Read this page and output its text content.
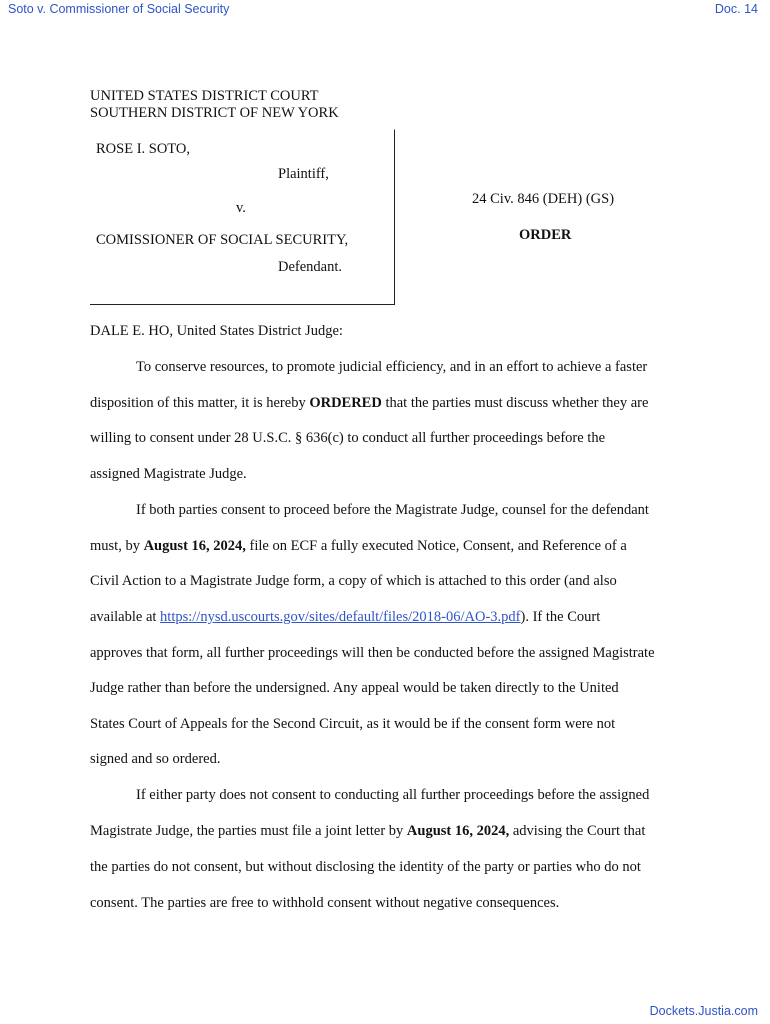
Soto v. Commissioner of Social Security	Doc. 14
UNITED STATES DISTRICT COURT
SOUTHERN DISTRICT OF NEW YORK
ROSE I. SOTO,
Plaintiff,
v.
COMISSIONER OF SOCIAL SECURITY,
Defendant.
24 Civ. 846 (DEH) (GS)
ORDER
DALE E. HO, United States District Judge:
To conserve resources, to promote judicial efficiency, and in an effort to achieve a faster
disposition of this matter, it is hereby ORDERED that the parties must discuss whether they are
willing to consent under 28 U.S.C. § 636(c) to conduct all further proceedings before the
assigned Magistrate Judge.
If both parties consent to proceed before the Magistrate Judge, counsel for the defendant
must, by August 16, 2024, file on ECF a fully executed Notice, Consent, and Reference of a
Civil Action to a Magistrate Judge form, a copy of which is attached to this order (and also
available at https://nysd.uscourts.gov/sites/default/files/2018-06/AO-3.pdf). If the Court
approves that form, all further proceedings will then be conducted before the assigned Magistrate
Judge rather than before the undersigned. Any appeal would be taken directly to the United
States Court of Appeals for the Second Circuit, as it would be if the consent form were not
signed and so ordered.
If either party does not consent to conducting all further proceedings before the assigned
Magistrate Judge, the parties must file a joint letter by August 16, 2024, advising the Court that
the parties do not consent, but without disclosing the identity of the party or parties who do not
consent. The parties are free to withhold consent without negative consequences.
Dockets.Justia.com
